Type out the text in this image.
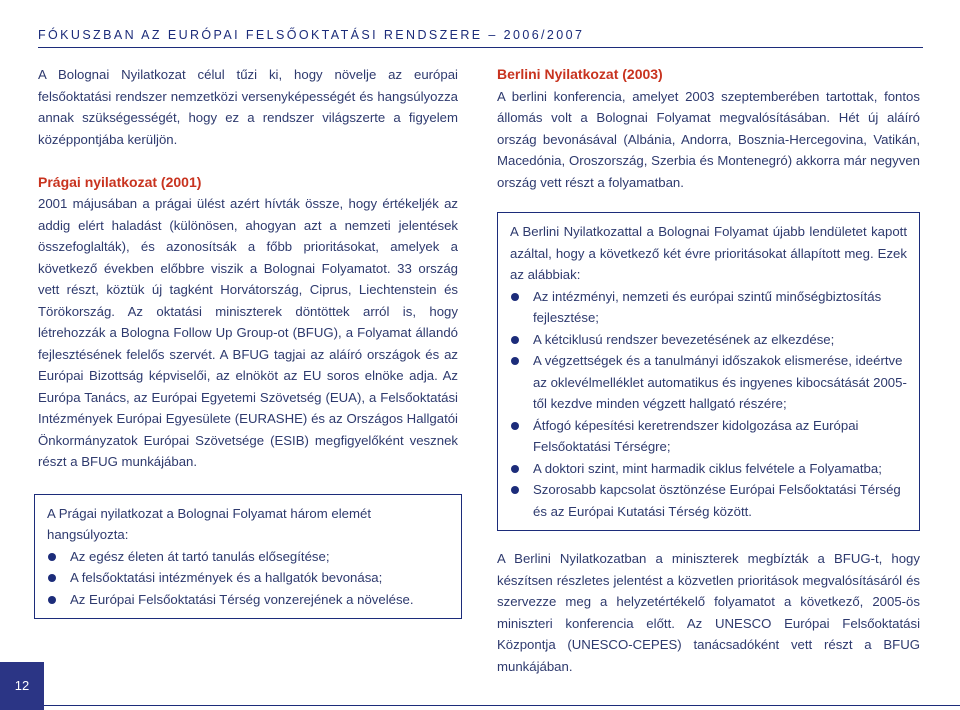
FÓKUSZBAN AZ EURÓPAI FELSŐOKTATÁSI RENDSZERE – 2006/2007

A Bolognai Nyilatkozat célul tűzi ki, hogy növelje az európai felsőoktatási rendszer nemzetközi versenyképességét és hangsúlyozza annak szükségességét, hogy ez a rendszer világszerte a figyelem középpontjába kerüljön.

Prágai nyilatkozat (2001)

2001 májusában a prágai ülést azért hívták össze, hogy értékeljék az addig elért haladást (különösen, ahogyan azt a nemzeti jelentések összefoglalták), és azonosítsák a főbb prioritásokat, amelyek a következő években előbbre viszik a Bolognai Folyamatot. 33 ország vett részt, köztük új tagként Horvátország, Ciprus, Liechtenstein és Törökország. Az oktatási miniszterek döntöttek arról is, hogy létrehozzák a Bologna Follow Up Group-ot (BFUG), a Folyamat állandó fejlesztésének felelős szervét. A BFUG tagjai az aláíró országok és az Európai Bizottság képviselői, az elnököt az EU soros elnöke adja. Az Európa Tanács, az Európai Egyetemi Szövetség (EUA), a Felsőoktatási Intézmények Európai Egyesülete (EURASHE) és az Országos Hallgatói Önkormányzatok Európai Szövetsége (ESIB) megfigyelőként vesznek részt a BFUG munkájában.

A Prágai nyilatkozat a Bolognai Folyamat három elemét hangsúlyozta:

Az egész életen át tartó tanulás elősegítése;
A felsőoktatási intézmények és a hallgatók bevonása;
Az Európai Felsőoktatási Térség vonzerejének a növelése.

Berlini Nyilatkozat (2003)

A berlini konferencia, amelyet 2003 szeptemberében tartottak, fontos állomás volt a Bolognai Folyamat megvalósításában. Hét új aláíró ország bevonásával (Albánia, Andorra, Bosznia-Hercegovina, Vatikán, Macedónia, Oroszország, Szerbia és Montenegró) akkorra már negyven ország vett részt a folyamatban.

A Berlini Nyilatkozattal a Bolognai Folyamat újabb lendületet kapott azáltal, hogy a következő két évre prioritásokat állapított meg. Ezek az alábbiak:

Az intézményi, nemzeti és európai szintű minőségbiztosítás fejlesztése;
A kétciklusú rendszer bevezetésének az elkezdése;
A végzettségek és a tanulmányi időszakok elismerése, ideértve az oklevélmelléklet automatikus és ingyenes kibocsátását 2005-től kezdve minden végzett hallgató részére;
Átfogó képesítési keretrendszer kidolgozása az Európai Felsőoktatási Térségre;
A doktori szint, mint harmadik ciklus felvétele a Folyamatba;
Szorosabb kapcsolat ösztönzése Európai Felsőoktatási Térség és az Európai Kutatási Térség között.

A Berlini Nyilatkozatban a miniszterek megbízták a BFUG-t, hogy készítsen részletes jelentést a közvetlen prioritások megvalósításáról és szervezze meg a helyzetértékelő folyamatot a következő, 2005-ös miniszteri konferencia előtt. Az UNESCO Európai Felsőoktatási Központja (UNESCO-CEPES) tanácsadóként vett részt a BFUG munkájában.

12
